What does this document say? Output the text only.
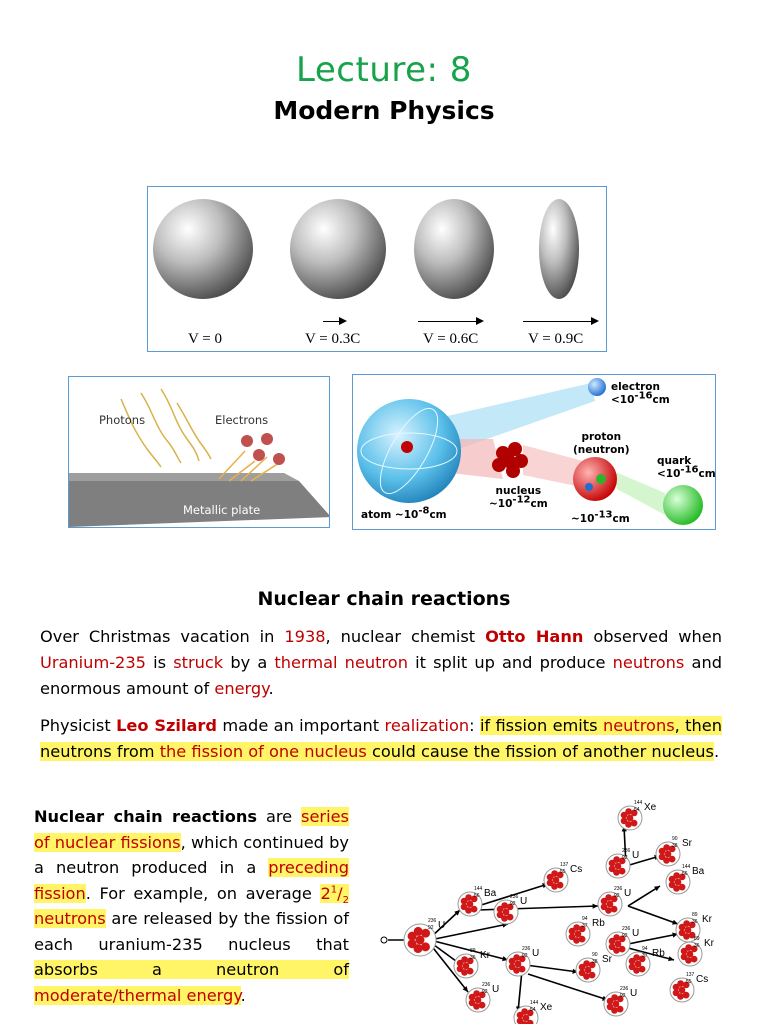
Lecture: 8
Modern Physics
V = 0	V = 0.3C	V = 0.6C	V = 0.9C
Photons	Electrons
Metallic plate
electron
$<10^{-16}cm$
proton
(neutron)
quark
$<10^{-16}cm$
nucleus
$\sim 10^{-12}cm$
atom $\sim 10^{-8}cm$	$\sim 10^{-13}cm$
Nuclear chain reactions
Over Christmas vacation in 1938, nuclear chemist Otto Hann observed when Uranium-235 is struck by a thermal neutron it split up and produce neutrons and enormous amount of energy.
Physicist Leo Szilard made an important realization: if fission emits neutrons, then neutrons from the fission of one nucleus could cause the fission of another nucleus.
Nuclear chain reactions are series of nuclear fissions, which continued by a neutron produced in a preceding fission. For example, on average $2^1/_2$ neutrons are released by the fission of each uranium-235 nucleus that absorbs a neutron of moderate/thermal energy.
Xe
144
54
U
236
92
Sr
90
38
Cs
137
55
U
236
92
Ba
144
56
Ba
144
56	U
236
92
U
236
92
Rb
94
37
U
236
92
Kr
89
36	U
236
92
Kr
89
36
Sr
90
38
Rb
94
37
U
236
92
Cs
137
55
Xe
144
54
U
236
92
Kr
89
36
